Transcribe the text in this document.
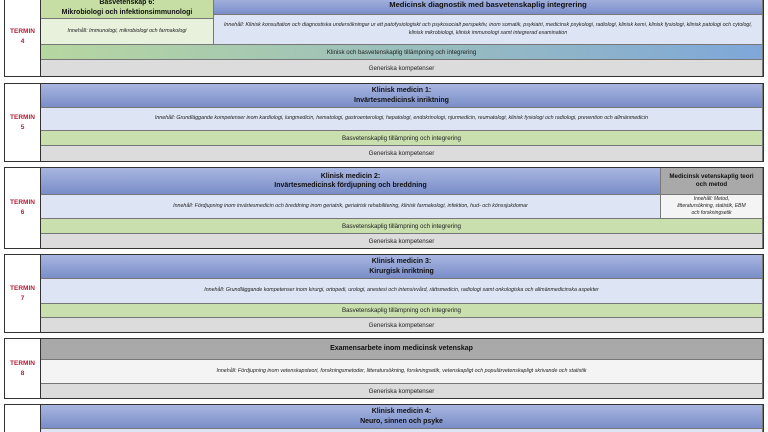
TERMIN
4
Basvetenskap 6:
Mikrobiologi och infektionsimmunologi
Innehåll: Immunologi, mikrobiologi och farmakologi
Medicinsk diagnostik med basvetenskaplig integrering
Innehåll: Klinisk konsultation och diagnostiska undersökningar ur ett patofysiologiskt och psykosocialt perspektiv, inom somatik, psykiatri, medicinsk psykologi, radiologi, klinisk kemi, klinisk fysiologi, klinisk patologi och cytologi, klinisk mikrobiologi, klinisk immunologi samt integrerad examination
Klinisk och basvetenskaplig tillämpning och integrering
Generiska kompetenser
TERMIN
5
Klinisk medicin 1:
Invärtesmedicinsk inriktning
Innehåll: Grundläggande kompetenser inom kardiologi, lungmedicin, hematologi, gastroenterologi, hepatologi, endokrinologi, njurmedicin, reumatologi, klinisk fysiologi och radiologi, prevention och allmänmedicin
Basvetenskaplig tillämpning och integrering
Generiska kompetenser
TERMIN
6
Klinisk medicin 2:
Invärtesmedicinsk fördjupning och breddning
Innehåll: Fördjupning inom invärtesmedicin och breddning inom geriatrik, geriatrisk rehabilitering, klinisk farmakologi, infektion, hud- och könssjukdomar
Medicinsk vetenskaplig teori
och metod
Innehåll: Metod,
litteratursökning, statistik, EBM
och forskningsetik
Basvetenskaplig tillämpning och integrering
Generiska kompetenser
TERMIN
7
Klinisk medicin 3:
Kirurgisk inriktning
Innehåll: Grundläggande kompetenser inom kirurgi, ortopedi, urologi, anestesi och intensivvård, rättsmedicin, radiologi samt onkologiska och allmänmedicinska aspekter
Basvetenskaplig tillämpning och integrering
Generiska kompetenser
TERMIN
8
Examensarbete inom medicinsk vetenskap
Innehåll: Fördjupning inom vetenskapsteori, forskningsmetoder, litteratursökning, forskningsetik, vetenskapligt och populärvetenskapligt skrivande och statistik
Generiska kompetenser
Klinisk medicin 4:
Neuro, sinnen och psyke
